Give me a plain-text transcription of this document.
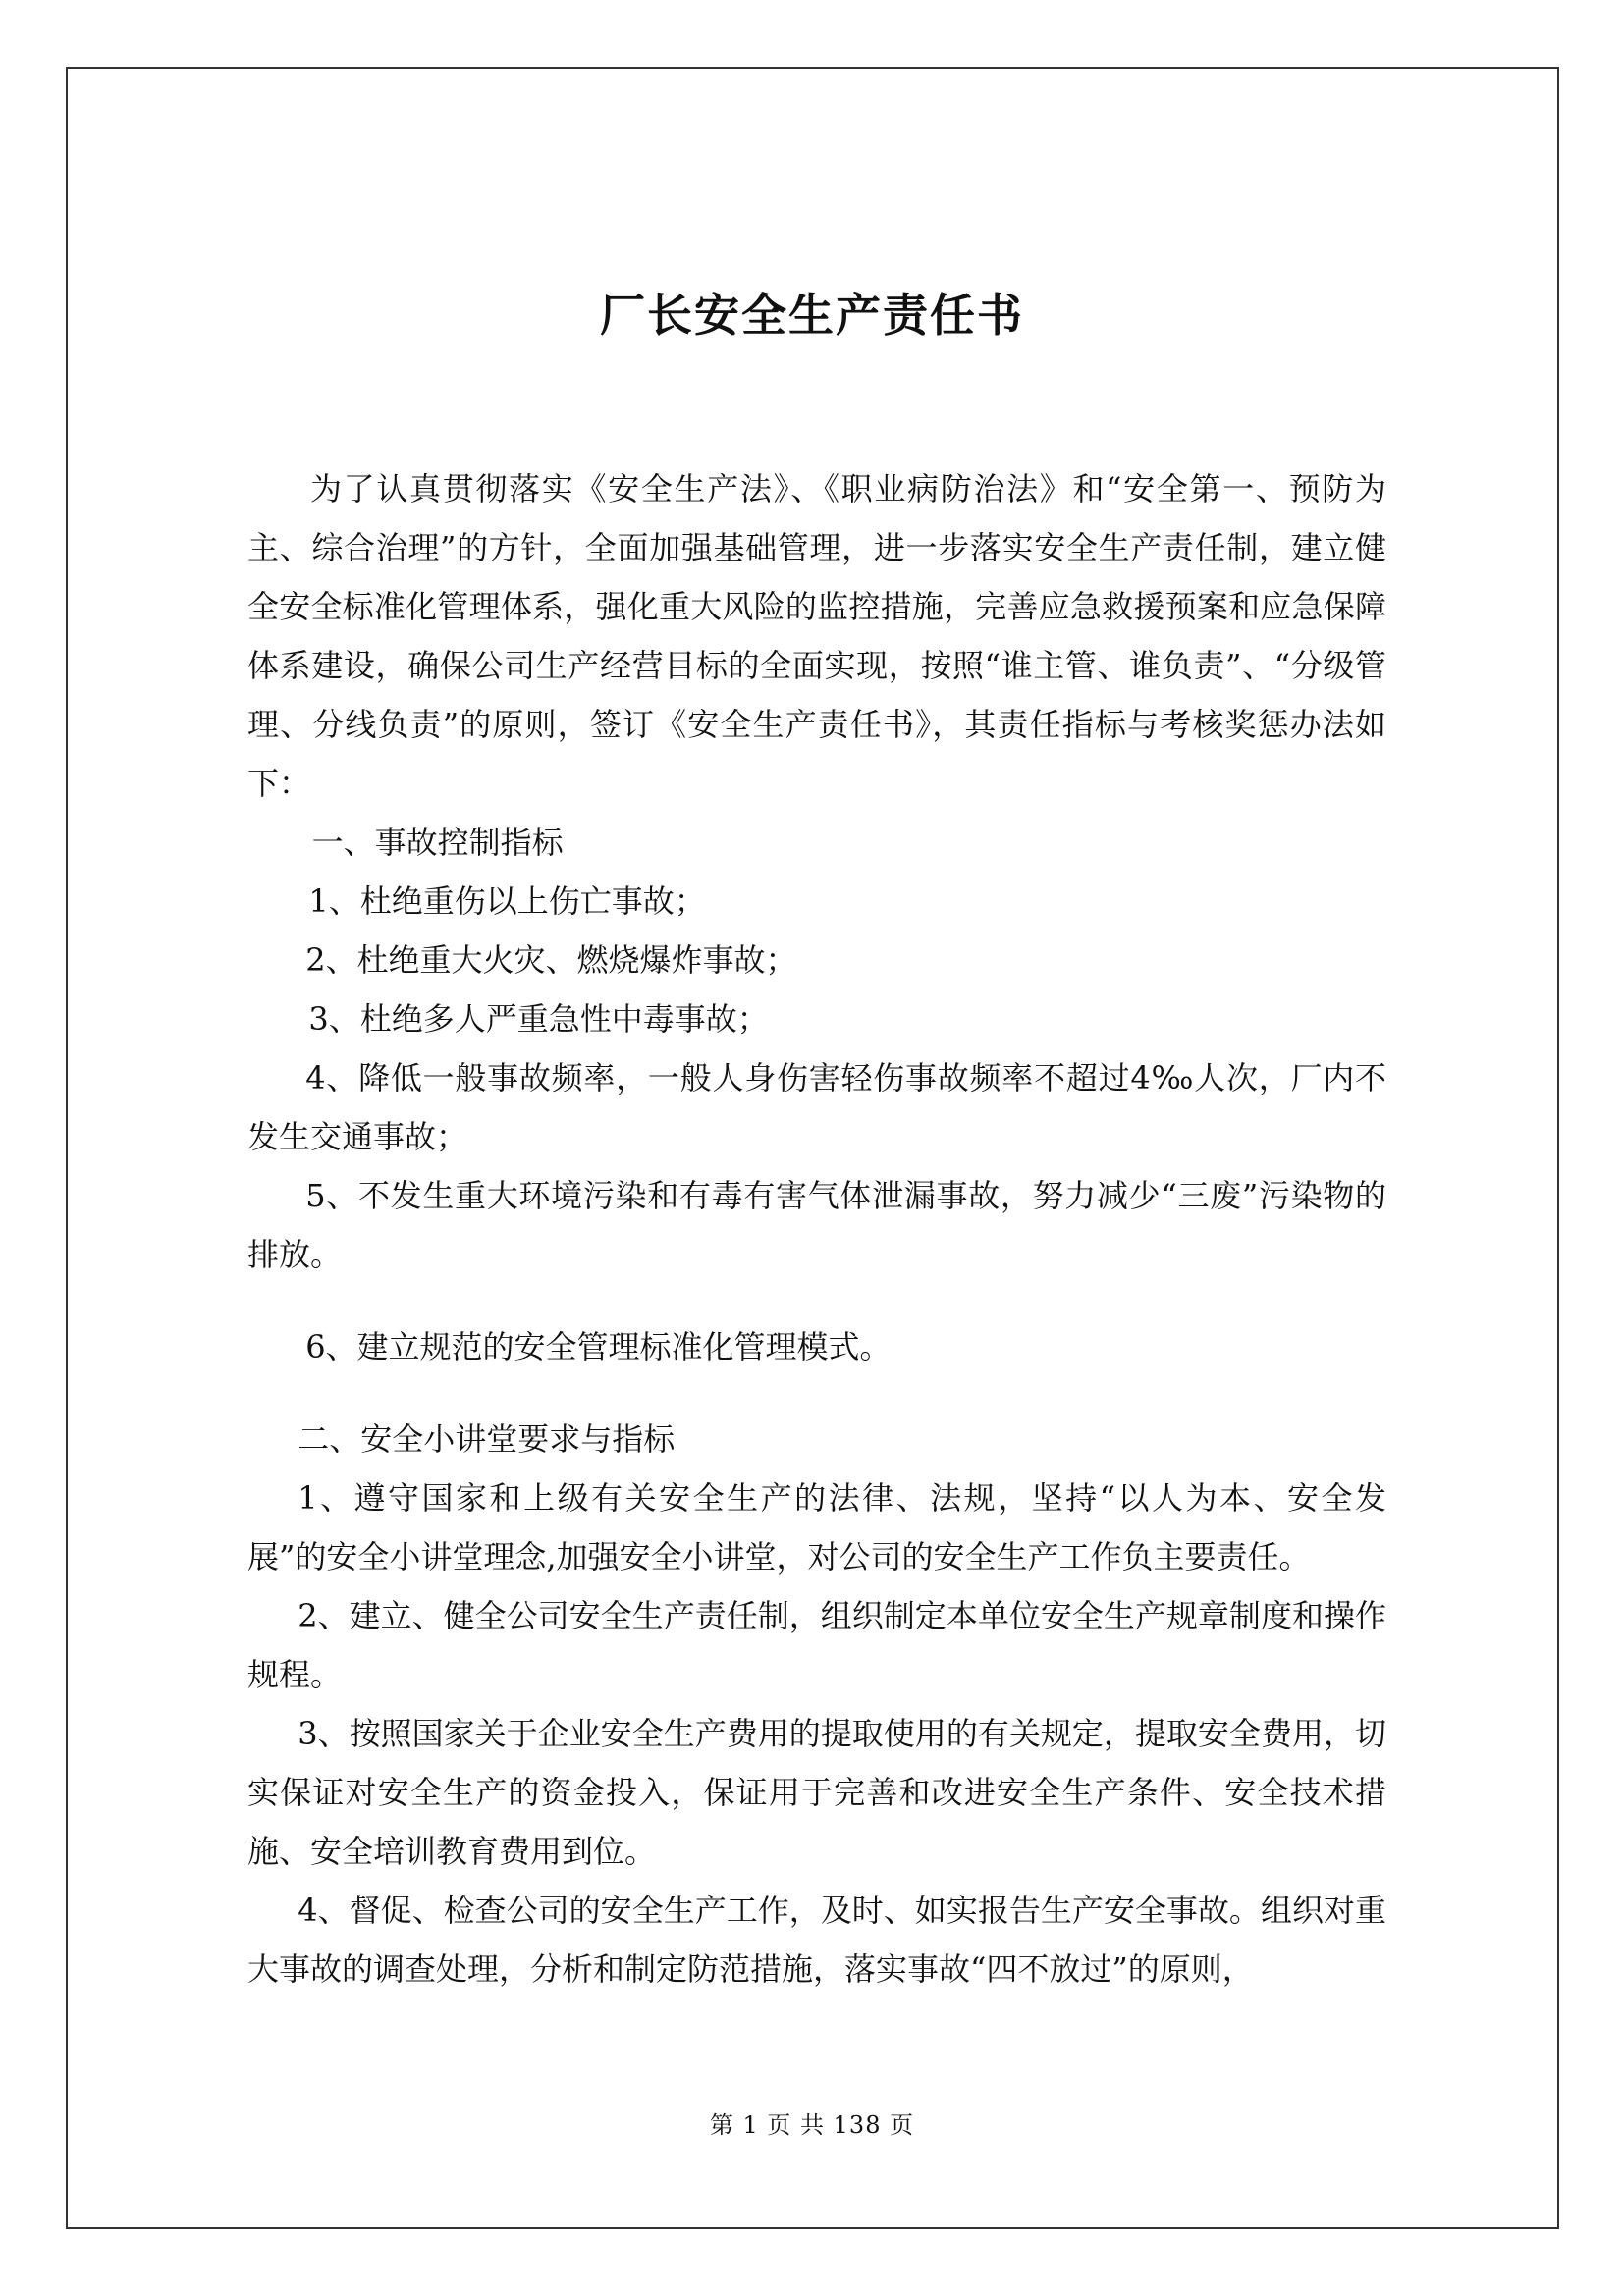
厂长安全生产责任书

为了认真贯彻落实《安全生产法》、《职业病防治法》和“安全第一、预防为主、综合治理”的方针，全面加强基础管理，进一步落实安全生产责任制，建立健全安全标准化管理体系，强化重大风险的监控措施，完善应急救援预案和应急保障体系建设，确保公司生产经营目标的全面实现，按照“谁主管、谁负责”、“分级管理、分线负责”的原则，签订《安全生产责任书》，其责任指标与考核奖惩办法如下：

一、事故控制指标

1、杜绝重伤以上伤亡事故；

2、杜绝重大火灾、燃烧爆炸事故；

3、杜绝多人严重急性中毒事故；

4、降低一般事故频率，一般人身伤害轻伤事故频率不超过4‰人次，厂内不发生交通事故；

5、不发生重大环境污染和有毒有害气体泄漏事故，努力减少“三废”污染物的排放。

6、建立规范的安全管理标准化管理模式。

二、安全小讲堂要求与指标

1、遵守国家和上级有关安全生产的法律、法规，坚持“以人为本、安全发展”的安全小讲堂理念,加强安全小讲堂，对公司的安全生产工作负主要责任。

2、建立、健全公司安全生产责任制，组织制定本单位安全生产规章制度和操作规程。

3、按照国家关于企业安全生产费用的提取使用的有关规定，提取安全费用，切实保证对安全生产的资金投入，保证用于完善和改进安全生产条件、安全技术措施、安全培训教育费用到位。

4、督促、检查公司的安全生产工作，及时、如实报告生产安全事故。组织对重大事故的调查处理，分析和制定防范措施，落实事故“四不放过”的原则，

第 1 页 共 138 页
